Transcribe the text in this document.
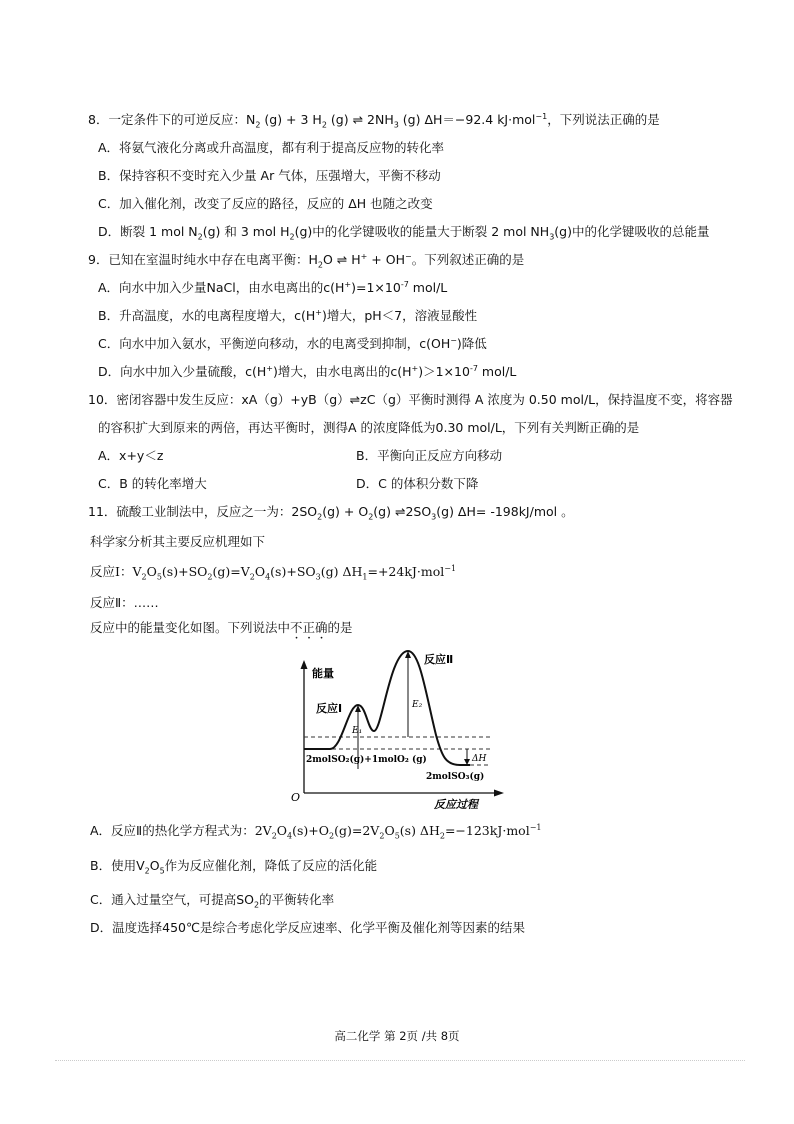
8．一定条件下的可逆反应：$N_2$ (g) + 3 $H_2$ (g) ⇌ $2NH_3$ (g) ΔH＝−92.4 kJ·mol$^{-1}$，下列说法正确的是
A．将氨气液化分离或升高温度，都有利于提高反应物的转化率
B．保持容积不变时充入少量 Ar 气体，压强增大，平衡不移动
C．加入催化剂，改变了反应的路径，反应的 ΔH 也随之改变
D．断裂 1 mol $N_2(g)$ 和 3 mol $H_2(g)$中的化学键吸收的能量大于断裂 2 mol $NH_3(g)$中的化学键吸收的总能量
9．已知在室温时纯水中存在电离平衡：$H_2O$ ⇌ H+ + OH−。下列叙述正确的是
A．向水中加入少量NaCl，由水电离出的$c(H^+)=1\times 10^{-7}$ mol/L
B．升高温度，水的电离程度增大，c(H+)增大，pH＜7，溶液显酸性
C．向水中加入氨水，平衡逆向移动，水的电离受到抑制，c(OH−)降低
D．向水中加入少量硫酸，c(H+)增大，由水电离出的$c(H^+)>1\times 10^{-7}$ mol/L
10．密闭容器中发生反应：xA（g）+yB（g）⇌zC（g）平衡时测得 A 浓度为 0.50 mol/L，保持温度不变，将容器
的容积扩大到原来的两倍，再达平衡时，测得A 的浓度降低为0.30 mol/L，下列有关判断正确的是
A．x+y＜z	B．平衡向正反应方向移动
C．B 的转化率增大	D．C 的体积分数下降
11．硫酸工业制法中，反应之一为：$2SO_2(g) + O_2(g)$ $\rightleftharpoons 2SO_3(g)$ ΔH= -198kJ/mol 。
科学家分析其主要反应机理如下
反应Ⅰ：$V_2O_5(s)+SO_2(g)=V_2O_4(s)+SO_3(g)$ $\Delta H_1=+24kJ\cdot mol^{-1}$
反应Ⅱ：……
反应中的能量变化如图。下列说法中不正确的是
能量
反应过程
O
反应Ⅰ
反应Ⅱ
E₁
E₂
ΔH
2molSO₂(g)+1molO₂ (g)
2molSO₃(g)
A．反应Ⅱ的热化学方程式为：$2V_2O_4(s)+O_2(g)=2V_2O_5(s)$ $\Delta H_2=-123kJ\cdot mol^{-1}$
B．使用$V_2O_5$作为反应催化剂，降低了反应的活化能
C．通入过量空气，可提高$SO_2$的平衡转化率
D．温度选择450℃是综合考虑化学反应速率、化学平衡及催化剂等因素的结果
高二化学 第 2页 /共 8页
